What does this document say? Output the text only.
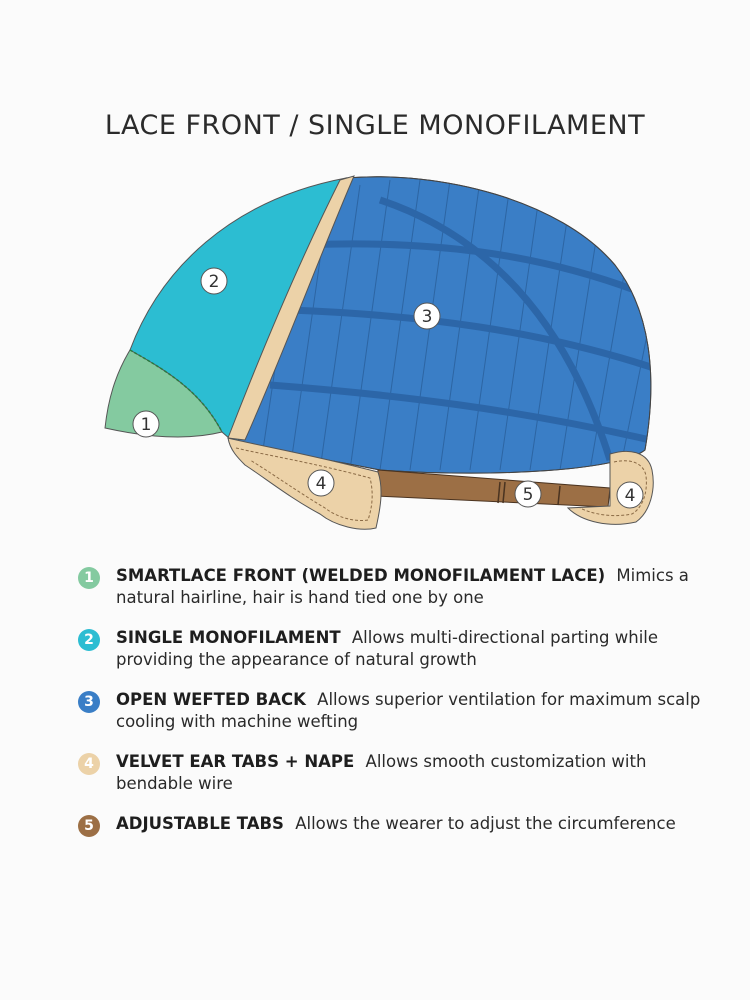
LACE FRONT / SINGLE MONOFILAMENT
1
2
3
4
5	4
1	SMARTLACE FRONT (WELDED MONOFILAMENT LACE) Mimics a natural hairline, hair is hand tied one by one
2	SINGLE MONOFILAMENT Allows multi-directional parting while providing the appearance of natural growth
3	OPEN WEFTED BACK Allows superior ventilation for maximum scalp cooling with machine wefting
4	VELVET EAR TABS + NAPE Allows smooth customization with bendable wire
5	ADJUSTABLE TABS Allows the wearer to adjust the circumference
